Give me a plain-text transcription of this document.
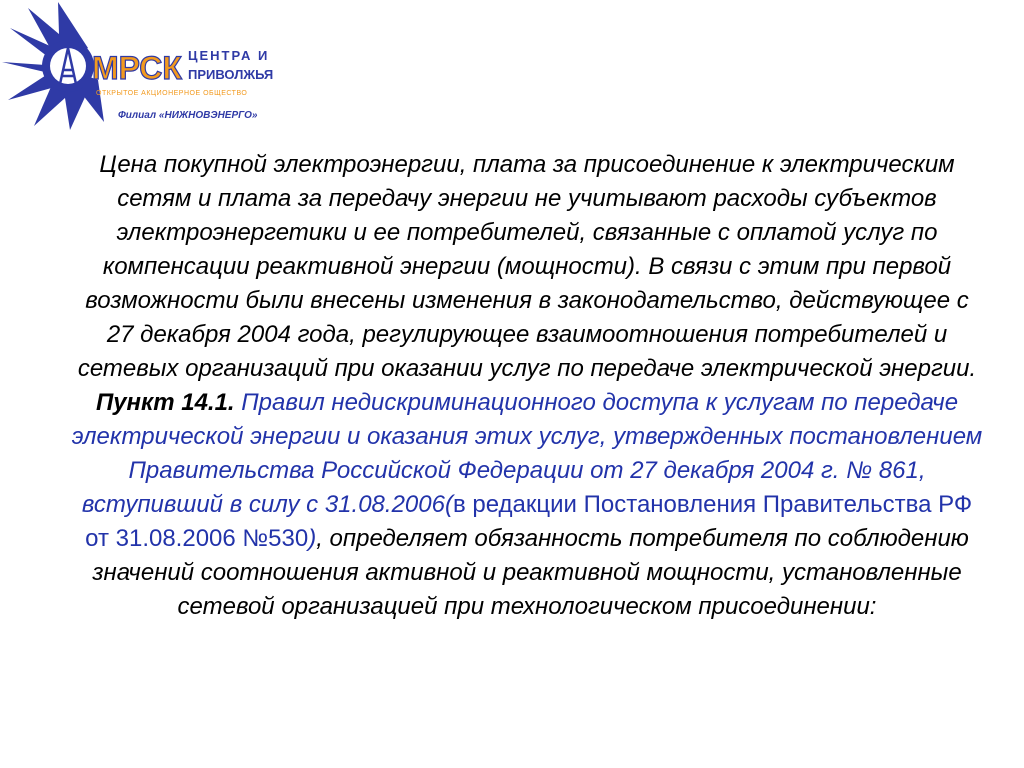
МРСК ЦЕНТРА И
ПРИВОЛЖЬЯ
ОТКРЫТОЕ АКЦИОНЕРНОЕ ОБЩЕСТВО
Филиал «НИЖНОВЭНЕРГО»

Цена покупной электроэнергии, плата за присоединение к электрическим сетям и плата за передачу энергии не учитывают расходы субъектов электроэнергетики и ее потребителей, связанные с оплатой услуг по компенсации реактивной энергии (мощности). В связи с этим при первой возможности были внесены изменения в законодательство, действующее с 27 декабря 2004 года, регулирующее взаимоотношения потребителей и сетевых организаций при оказании услуг по передаче электрической энергии.
Пункт 14.1. Правил недискриминационного доступа к услугам по передаче электрической энергии и оказания этих услуг, утвержденных постановлением Правительства Российской Федерации от 27 декабря 2004 г. № 861, вступивший в силу с 31.08.2006(в редакции Постановления Правительства РФ от 31.08.2006 №530), определяет обязанность потребителя по соблюдению значений соотношения активной и реактивной мощности, установленные сетевой организацией при технологическом присоединении:
